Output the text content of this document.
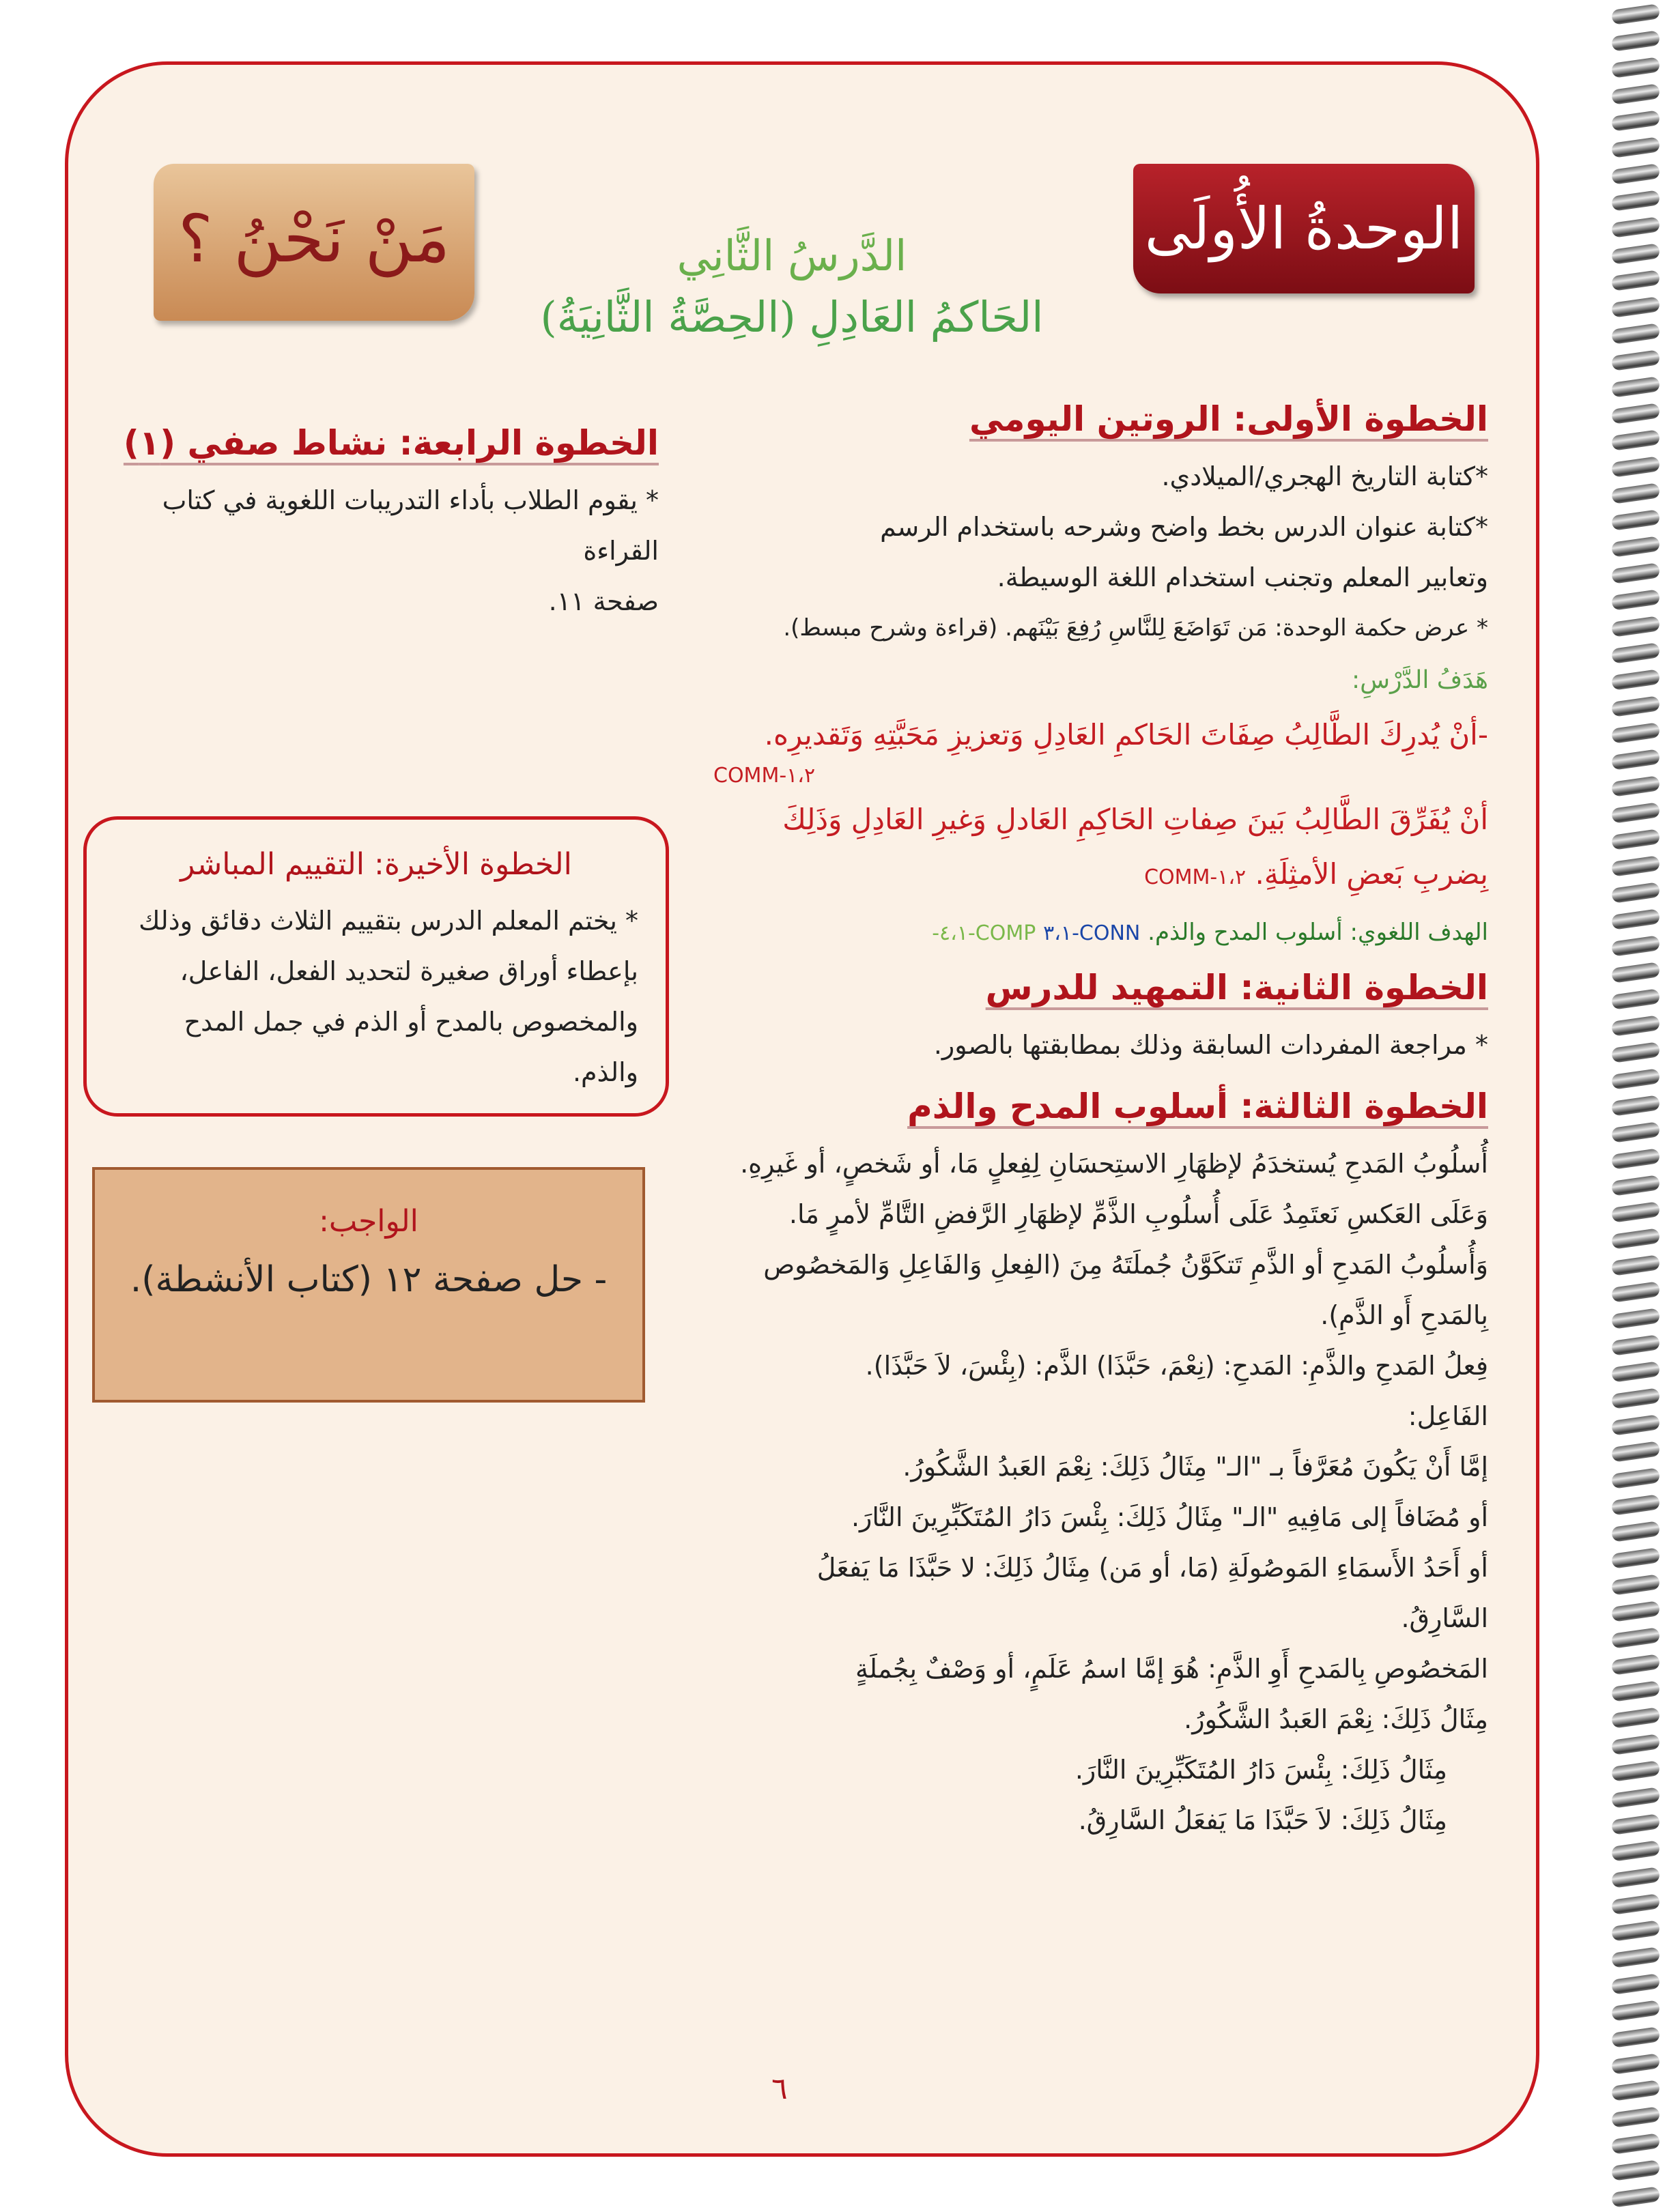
الوحدةُ الأُولَى
مَنْ نَحْنُ ؟	الدَّرسُ الثَّانِي
الحَاكمُ العَادِلِ (الحِصَّةُ الثَّانِيَةُ)
الخطوة الأولى: الروتين اليومي
*كتابة التاريخ الهجري/الميلادي.
*كتابة عنوان الدرس بخط واضح وشرحه باستخدام الرسم
وتعابير المعلم وتجنب استخدام اللغة الوسيطة.
* عرض حكمة الوحدة: مَن تَوَاضَعَ لِلنَّاسِ رُفِعَ بَيْنَهم. (قراءة وشرح مبسط).
هَدَفُ الدَّرْسِ:
-أنْ يُدرِكَ الطَّالِبُ صِفَاتَ الحَاكمِ العَادِلِ وَتعزيزِ مَحَبَّتِهِ وَتَقديرِه.
COMM-١،٢
أنْ يُفَرِّقَ الطَّالِبُ بَينَ صِفاتِ الحَاكِمِ العَادلِ وَغيرِ العَادِلِ وَذَلِكَ
بِضربِ بَعضِ الأمثِلَةِ. COMM-١،٢
الهدف اللغوي: أسلوب المدح والذم. CONN-٣،١ COMP-٤،١-
الخطوة الثانية: التمهيد للدرس
* مراجعة المفردات السابقة وذلك بمطابقتها بالصور.
الخطوة الثالثة: أسلوب المدح والذم
أُسلُوبُ المَدحِ يُستخدَمُ لإظهَارِ الاستِحسَانِ لِفِعلٍ مَا، أو شَخصٍ، أو غَيرِهِ.
وَعَلَى العَكسِ نَعتَمِدُ عَلَى أُسلُوبِ الذَّمِّ لإظهَارِ الرَّفضِ التَّامِّ لأمرٍ مَا.
وَأُسلُوبُ المَدحِ أو الذَّمِ تَتكَوَّنُ جُملَتَهُ مِنَ (الفِعلِ وَالفَاعِلِ وَالمَخصُوص
بِالمَدحِ أَو الذَّمِ).
فِعلُ المَدحِ والذَّمِ: المَدحِ: (نِعْمَ، حَبَّذَا) الذَّم: (بِئْسَ، لاَ حَبَّذَا).
الفَاعِل:
إمَّا أَنْ يَكُونَ مُعَرَّفاً بـ "الـ" مِثَالُ ذَلِكَ: نِعْمَ العَبدُ الشَّكُورُ.
أو مُضَافاً إلى مَافِيهِ "الـ" مِثَالُ ذَلِكَ: بِئْسَ دَارُ المُتَكَبِّرِينَ النَّارَ.
أو أَحَدُ الأَسمَاءِ المَوصُولَةِ (مَا، أو مَن) مِثَالُ ذَلِكَ: لا حَبَّذَا مَا يَفعَلُ
السَّارِقُ.
المَخصُوصِ بِالمَدحِ أَوِ الذَّمِ: هُوَ إمَّا اسمُ عَلَمٍ، أو وَصْفٌ بِجُملَةٍ
مِثَالُ ذَلِكَ: نِعْمَ العَبدُ الشَّكُورُ.
مِثَالُ ذَلِكَ: بِئْسَ دَارُ المُتَكَبِّرِينَ النَّارَ.
مِثَالُ ذَلِكَ: لاَ حَبَّذَا مَا يَفعَلُ السَّارِقُ.
الخطوة الرابعة: نشاط صفي (١)
* يقوم الطلاب بأداء التدريبات اللغوية في كتاب القراءة
صفحة ١١.
الخطوة الأخيرة: التقييم المباشر
* يختم المعلم الدرس بتقييم الثلاث دقائق وذلك
بإعطاء أوراق صغيرة لتحديد الفعل، الفاعل،
والمخصوص بالمدح أو الذم في جمل المدح والذم.
الواجب:
- حل صفحة ١٢ (كتاب الأنشطة).
٦
